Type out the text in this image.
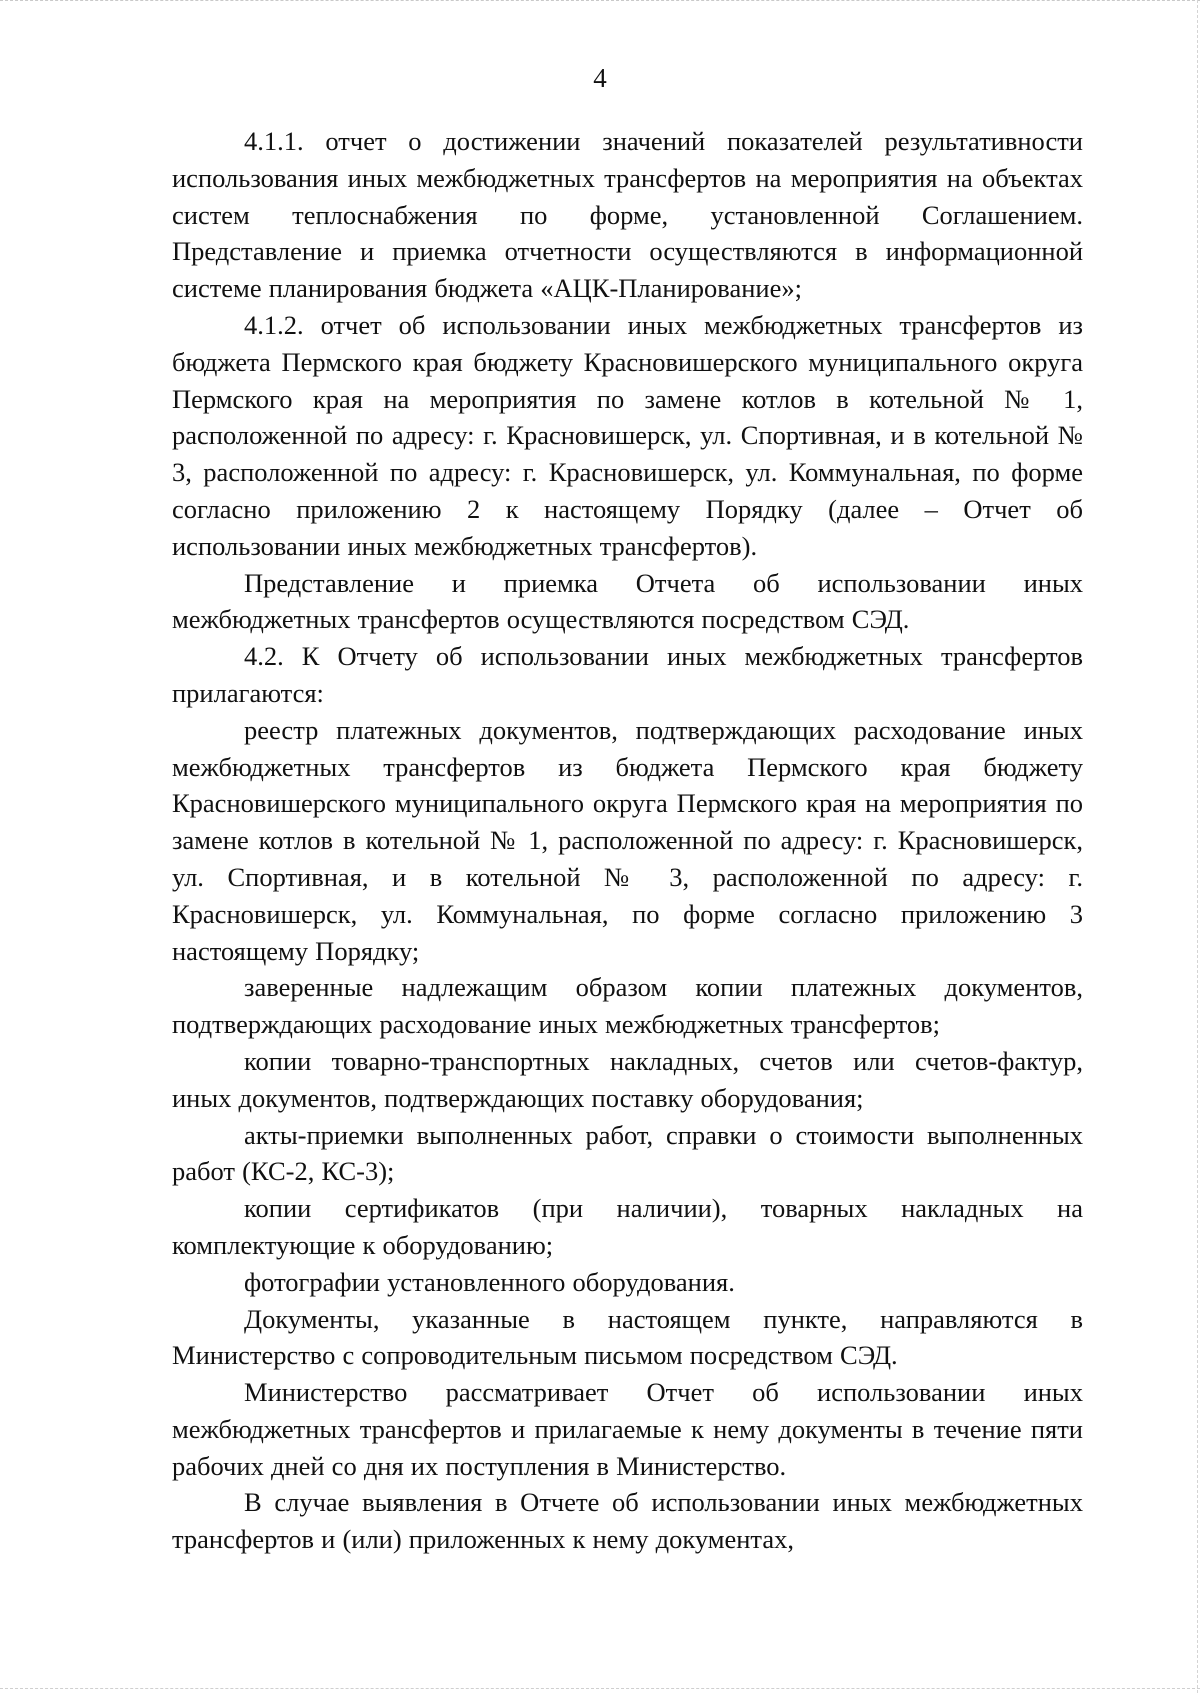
4

4.1.1. отчет о достижении значений показателей результативности использования иных межбюджетных трансфертов на мероприятия на объектах систем теплоснабжения по форме, установленной Соглашением. Представление и приемка отчетности осуществляются в информационной системе планирования бюджета «АЦК-Планирование»;

4.1.2. отчет об использовании иных межбюджетных трансфертов из бюджета Пермского края бюджету Красновишерского муниципального округа Пермского края на мероприятия по замене котлов в котельной № 1, расположенной по адресу: г. Красновишерск, ул. Спортивная, и в котельной № 3, расположенной по адресу: г. Красновишерск, ул. Коммунальная, по форме согласно приложению 2 к настоящему Порядку (далее – Отчет об использовании иных межбюджетных трансфертов).

Представление и приемка Отчета об использовании иных межбюджетных трансфертов осуществляются посредством СЭД.

4.2. К Отчету об использовании иных межбюджетных трансфертов прилагаются:

реестр платежных документов, подтверждающих расходование иных межбюджетных трансфертов из бюджета Пермского края бюджету Красновишерского муниципального округа Пермского края на мероприятия по замене котлов в котельной № 1, расположенной по адресу: г. Красновишерск, ул. Спортивная, и в котельной № 3, расположенной по адресу: г. Красновишерск, ул. Коммунальная, по форме согласно приложению 3 настоящему Порядку;

заверенные надлежащим образом копии платежных документов, подтверждающих расходование иных межбюджетных трансфертов;

копии товарно-транспортных накладных, счетов или счетов-фактур, иных документов, подтверждающих поставку оборудования;

акты-приемки выполненных работ, справки о стоимости выполненных работ (КС-2, КС-3);

копии сертификатов (при наличии), товарных накладных на комплектующие к оборудованию;

фотографии установленного оборудования.

Документы, указанные в настоящем пункте, направляются в Министерство с сопроводительным письмом посредством СЭД.

Министерство рассматривает Отчет об использовании иных межбюджетных трансфертов и прилагаемые к нему документы в течение пяти рабочих дней со дня их поступления в Министерство.

В случае выявления в Отчете об использовании иных межбюджетных трансфертов и (или) приложенных к нему документах,
